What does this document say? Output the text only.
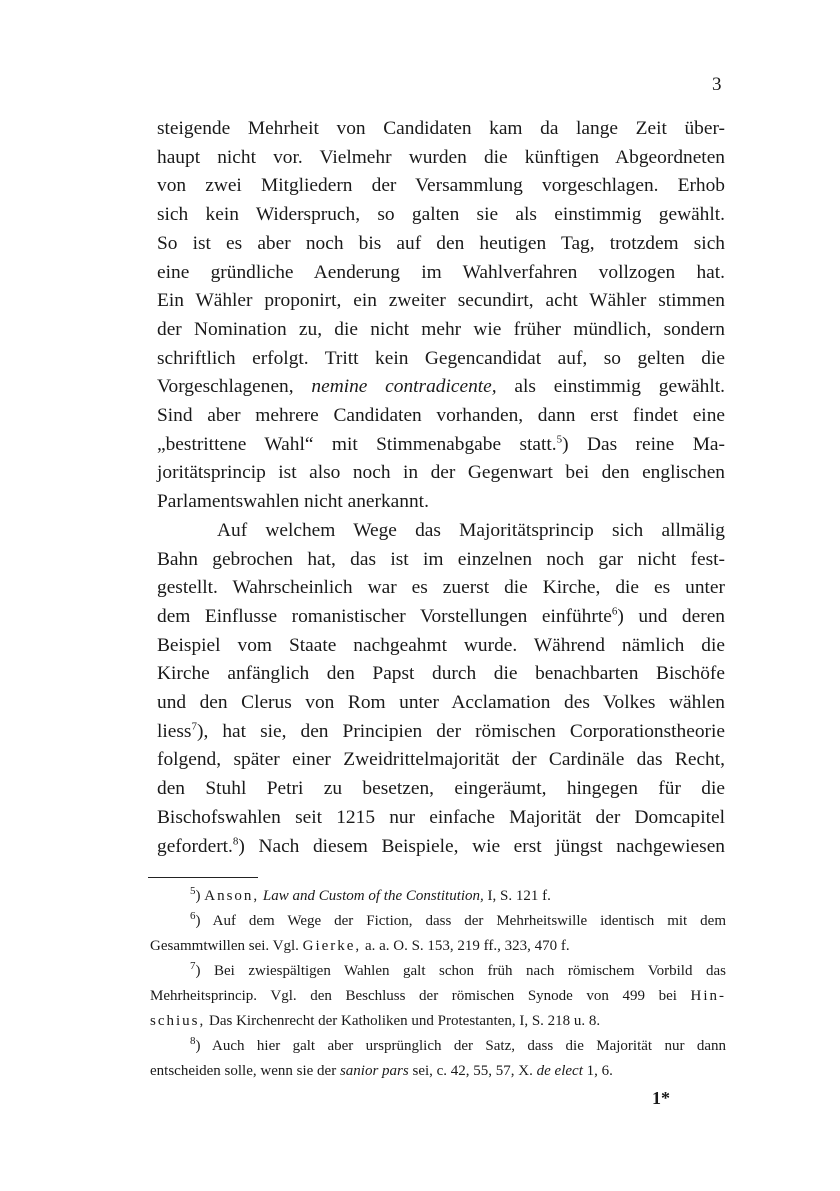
3
steigende Mehrheit von Candidaten kam da lange Zeit über-
haupt nicht vor. Vielmehr wurden die künftigen Abgeordneten
von zwei Mitgliedern der Versammlung vorgeschlagen. Erhob
sich kein Widerspruch, so galten sie als einstimmig gewählt.
So ist es aber noch bis auf den heutigen Tag, trotzdem sich
eine gründliche Aenderung im Wahlverfahren vollzogen hat.
Ein Wähler proponirt, ein zweiter secundirt, acht Wähler stimmen
der Nomination zu, die nicht mehr wie früher mündlich, sondern
schriftlich erfolgt. Tritt kein Gegencandidat auf, so gelten die
Vorgeschlagenen, nemine contradicente, als einstimmig gewählt.
Sind aber mehrere Candidaten vorhanden, dann erst findet eine
„bestrittene Wahl“ mit Stimmenabgabe statt.$^5$) Das reine Ma-
joritätsprincip ist also noch in der Gegenwart bei den englischen
Parlamentswahlen nicht anerkannt.
Auf welchem Wege das Majoritätsprincip sich allmälig
Bahn gebrochen hat, das ist im einzelnen noch gar nicht fest-
gestellt. Wahrscheinlich war es zuerst die Kirche, die es unter
dem Einflusse romanistischer Vorstellungen einführte$^6$) und deren
Beispiel vom Staate nachgeahmt wurde. Während nämlich die
Kirche anfänglich den Papst durch die benachbarten Bischöfe
und den Clerus von Rom unter Acclamation des Volkes wählen
liess$^7$), hat sie, den Principien der römischen Corporationstheorie
folgend, später einer Zweidrittelmajorität der Cardinäle das Recht,
den Stuhl Petri zu besetzen, eingeräumt, hingegen für die
Bischofswahlen seit 1215 nur einfache Majorität der Domcapitel
gefordert.$^8$) Nach diesem Beispiele, wie erst jüngst nachgewiesen
$^5$) Anson, Law and Custom of the Constitution, I, S. 121 f.
$^6$) Auf dem Wege der Fiction, dass der Mehrheitswille identisch mit dem
Gesammtwillen sei. Vgl. Gierke, a. a. O. S. 153, 219 ff., 323, 470 f.
$^7$) Bei zwiespältigen Wahlen galt schon früh nach römischem Vorbild das
Mehrheitsprincip. Vgl. den Beschluss der römischen Synode von 499 bei Hin-
schius, Das Kirchenrecht der Katholiken und Protestanten, I, S. 218 u. 8.
$^8$) Auch hier galt aber ursprünglich der Satz, dass die Majorität nur dann
entscheiden solle, wenn sie der sanior pars sei, c. 42, 55, 57, X. de elect 1, 6.
1*
